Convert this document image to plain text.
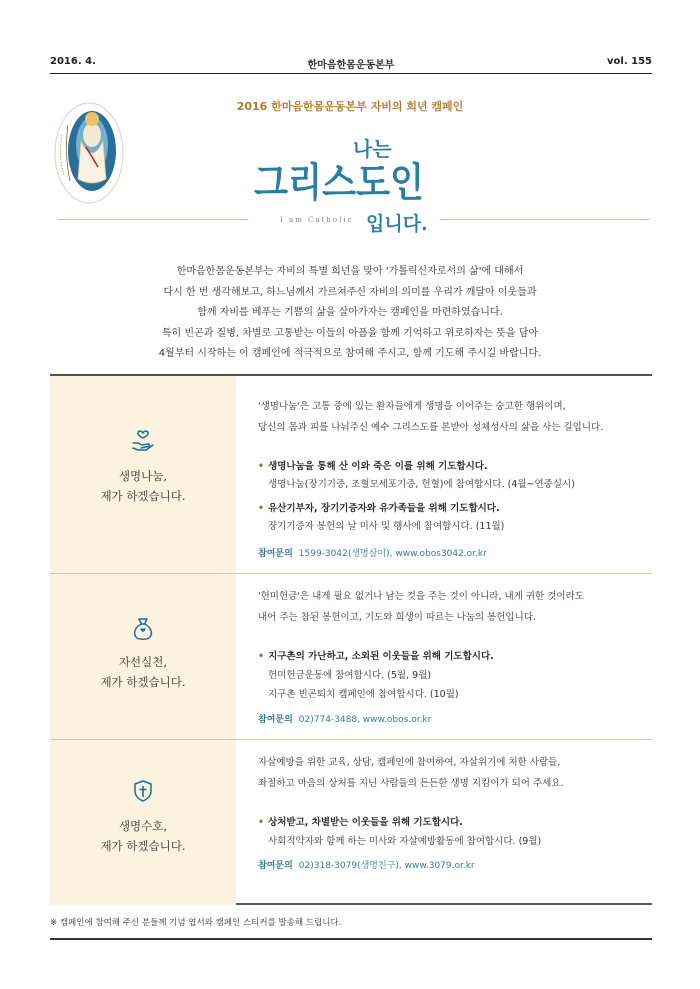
2016. 4.	한마음한몸운동본부	vol. 155
2016 한마음한몸운동본부 자비의 희년 캠페인
나는
그리스도인
입니다.
I am Catholic
한마음한몸운동본부는 자비의 특별 희년을 맞아 '가톨릭신자로서의 삶'에 대해서
다시 한 번 생각해보고, 하느님께서 가르쳐주신 자비의 의미를 우리가 깨달아 이웃들과
함께 자비를 베푸는 기쁨의 삶을 살아가자는 캠페인을 마련하였습니다.
특히 빈곤과 질병, 차별로 고통받는 이들의 아픔을 함께 기억하고 위로하자는 뜻을 담아
4월부터 시작하는 이 캠페인에 적극적으로 참여해 주시고, 함께 기도해 주시길 바랍니다.
생명나눔,
제가 하겠습니다.
'생명나눔'은 고통 중에 있는 환자들에게 생명을 이어주는 숭고한 행위이며,
당신의 몸과 피를 나눠주신 예수 그리스도를 본받아 성체성사의 삶을 사는 길입니다.
• 생명나눔을 통해 산 이와 죽은 이를 위해 기도합시다.
생명나눔(장기기증, 조혈모세포기증, 헌혈)에 참여합시다. (4월~연중실시)
• 유산기부자, 장기기증자와 유가족들을 위해 기도합시다.
장기기증자 봉헌의 날 미사 및 행사에 참여합시다. (11월)
참여문의 1599-3042(생명살이), www.obos3042.or.kr
자선실천,
제가 하겠습니다.
'헌미헌금'은 내게 필요 없거나 남는 것을 주는 것이 아니라, 내게 귀한 것이라도
내어 주는 참된 봉헌이고, 기도와 희생이 따르는 나눔의 봉헌입니다.
• 지구촌의 가난하고, 소외된 이웃들을 위해 기도합시다.
헌미헌금운동에 참여합시다. (5월, 9월)
지구촌 빈곤퇴치 캠페인에 참여합시다. (10월)
참여문의 02)774-3488, www.obos.or.kr
생명수호,
제가 하겠습니다.
자살예방을 위한 교육, 상담, 캠페인에 참여하여, 자살위기에 처한 사람들,
좌절하고 마음의 상처를 지닌 사람들의 든든한 생명 지킴이가 되어 주세요.
• 상처받고, 차별받는 이웃들을 위해 기도합시다.
사회적약자와 함께 하는 미사와 자살예방활동에 참여합시다. (9월)
참여문의 02)318-3079(생명친구), www.3079.or.kr
※ 캠페인에 참여해 주신 분들께 기념 엽서와 캠페인 스티커를 발송해 드립니다.
